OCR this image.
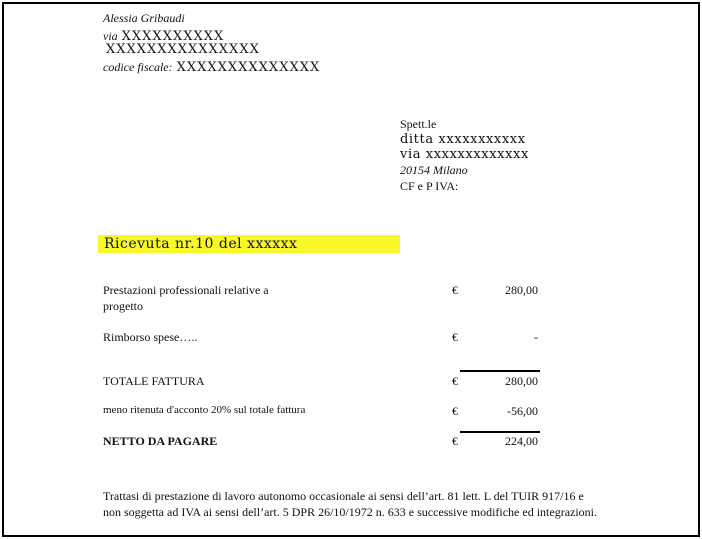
Alessia Gribaudi
via XXXXXXXXXX
XXXXXXXXXXXXXXX
codice fiscale: XXXXXXXXXXXXXX
Spett.le
ditta xxxxxxxxxxx
via xxxxxxxxxxxxx
20154 Milano
CF e P IVA:
Ricevuta nr.10 del xxxxxx
Prestazioni professionali relative a
progetto
€	280,00
Rimborso spese…..	€	-
TOTALE FATTURA	€	280,00
meno ritenuta d'acconto 20% sul totale fattura	€	-56,00
NETTO DA PAGARE	€	224,00
Trattasi di prestazione di lavoro autonomo occasionale ai sensi dell’art. 81 lett. L del TUIR 917/16 e
non soggetta ad IVA ai sensi dell’art. 5 DPR 26/10/1972 n. 633 e successive modifiche ed integrazioni.
